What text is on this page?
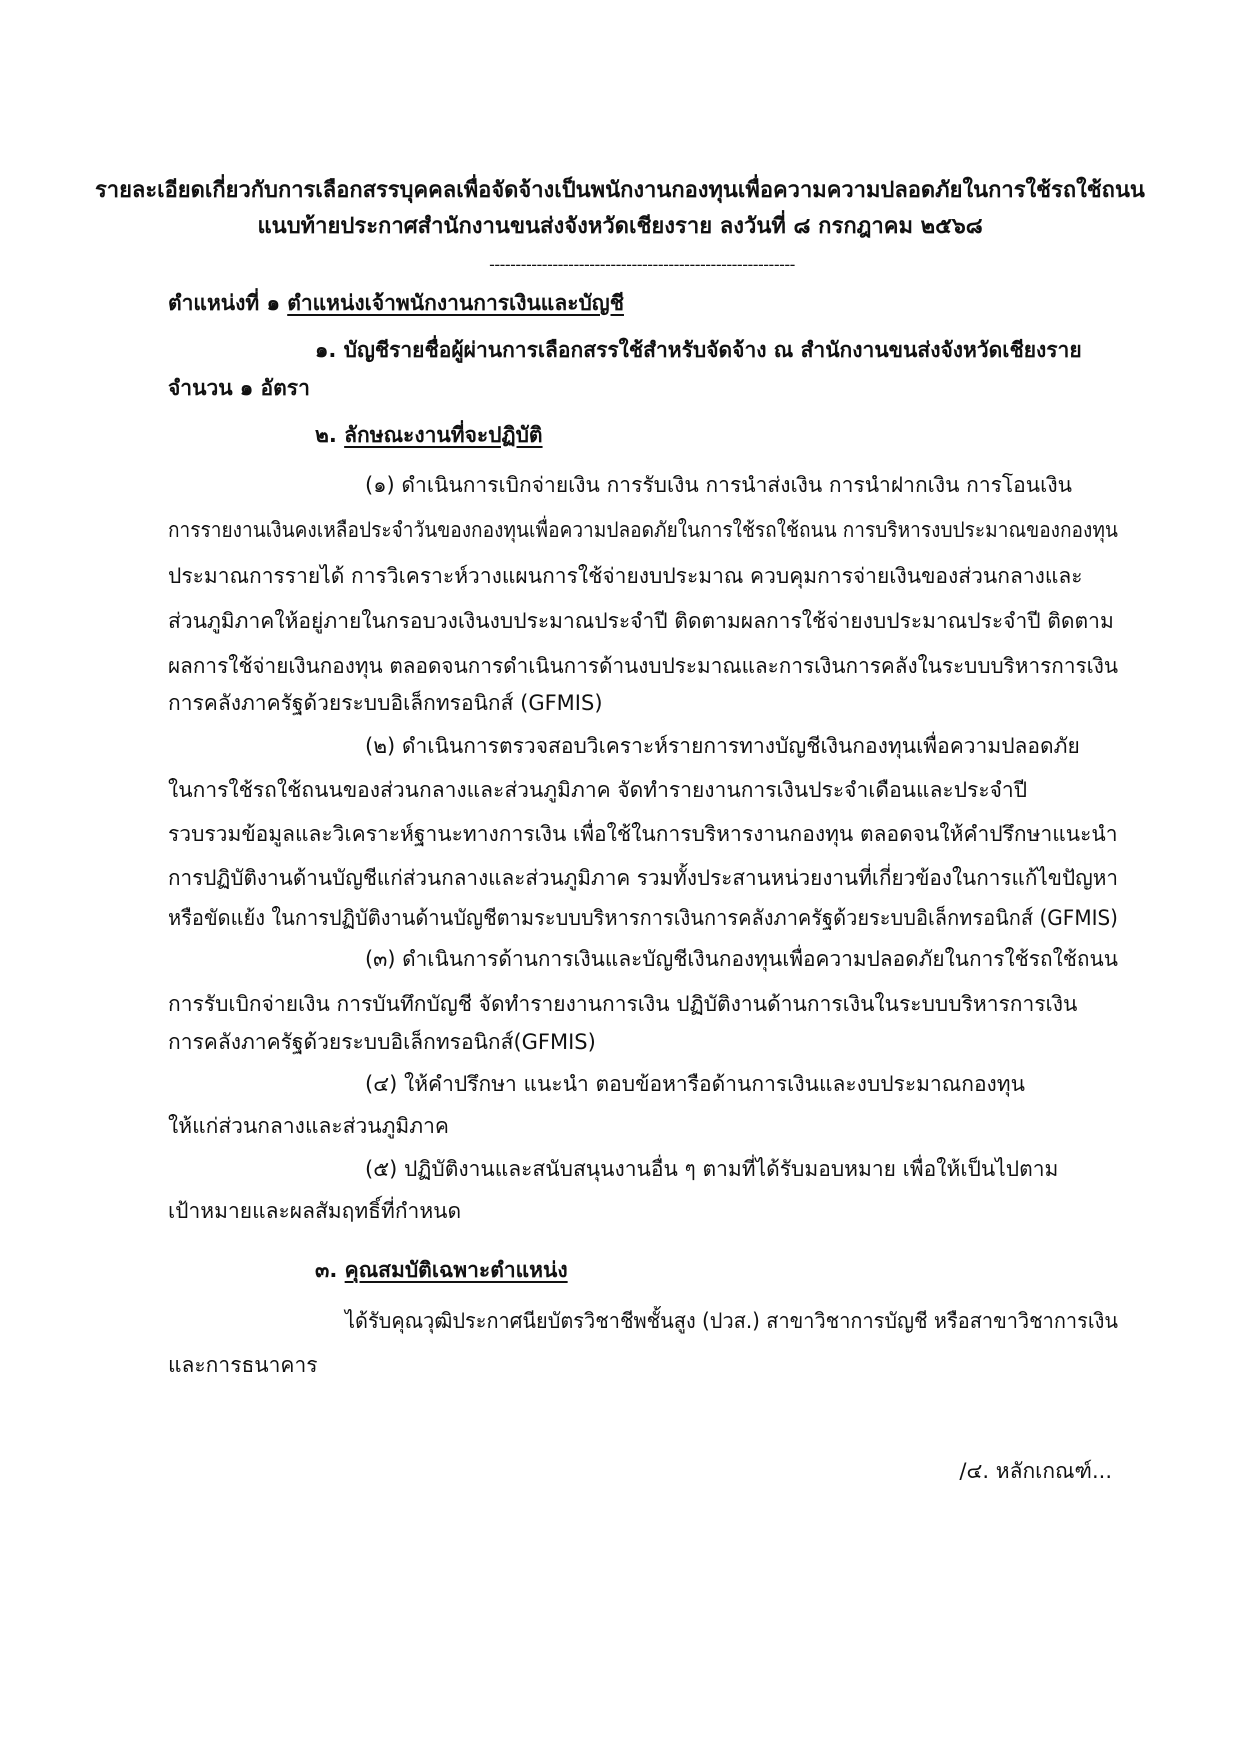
รายละเอียดเกี่ยวกับการเลือกสรรบุคคลเพื่อจัดจ้างเป็นพนักงานกองทุนเพื่อความความปลอดภัยในการใช้รถใช้ถนน
แนบท้ายประกาศสำนักงานขนส่งจังหวัดเชียงราย ลงวันที่ ๘ กรกฎาคม ๒๕๖๘
----------------------------------------------------------
ตำแหน่งที่ ๑ ตำแหน่งเจ้าพนักงานการเงินและบัญชี
๑. บัญชีรายชื่อผู้ผ่านการเลือกสรรใช้สำหรับจัดจ้าง ณ สำนักงานขนส่งจังหวัดเชียงราย
จำนวน ๑ อัตรา
๒. ลักษณะงานที่จะปฏิบัติ
(๑) ดำเนินการเบิกจ่ายเงิน การรับเงิน การนำส่งเงิน การนำฝากเงิน การโอนเงิน
การรายงานเงินคงเหลือประจำวันของกองทุนเพื่อความปลอดภัยในการใช้รถใช้ถนน การบริหารงบประมาณของกองทุน
ประมาณการรายได้ การวิเคราะห์วางแผนการใช้จ่ายงบประมาณ ควบคุมการจ่ายเงินของส่วนกลางและ
ส่วนภูมิภาคให้อยู่ภายในกรอบวงเงินงบประมาณประจำปี ติดตามผลการใช้จ่ายงบประมาณประจำปี ติดตาม
ผลการใช้จ่ายเงินกองทุน ตลอดจนการดำเนินการด้านงบประมาณและการเงินการคลังในระบบบริหารการเงิน
การคลังภาครัฐด้วยระบบอิเล็กทรอนิกส์ (GFMIS)
(๒) ดำเนินการตรวจสอบวิเคราะห์รายการทางบัญชีเงินกองทุนเพื่อความปลอดภัย
ในการใช้รถใช้ถนนของส่วนกลางและส่วนภูมิภาค จัดทำรายงานการเงินประจำเดือนและประจำปี
รวบรวมข้อมูลและวิเคราะห์ฐานะทางการเงิน เพื่อใช้ในการบริหารงานกองทุน ตลอดจนให้คำปรึกษาแนะนำ
การปฏิบัติงานด้านบัญชีแก่ส่วนกลางและส่วนภูมิภาค รวมทั้งประสานหน่วยงานที่เกี่ยวข้องในการแก้ไขปัญหา
หรือขัดแย้ง ในการปฏิบัติงานด้านบัญชีตามระบบบริหารการเงินการคลังภาครัฐด้วยระบบอิเล็กทรอนิกส์ (GFMIS)
(๓) ดำเนินการด้านการเงินและบัญชีเงินกองทุนเพื่อความปลอดภัยในการใช้รถใช้ถนน
การรับเบิกจ่ายเงิน การบันทึกบัญชี จัดทำรายงานการเงิน ปฏิบัติงานด้านการเงินในระบบบริหารการเงิน
การคลังภาครัฐด้วยระบบอิเล็กทรอนิกส์(GFMIS)
(๔) ให้คำปรึกษา แนะนำ ตอบข้อหารือด้านการเงินและงบประมาณกองทุน
ให้แก่ส่วนกลางและส่วนภูมิภาค
(๕) ปฏิบัติงานและสนับสนุนงานอื่น ๆ ตามที่ได้รับมอบหมาย เพื่อให้เป็นไปตาม
เป้าหมายและผลสัมฤทธิ์ที่กำหนด
๓. คุณสมบัติเฉพาะตำแหน่ง
ได้รับคุณวุฒิประกาศนียบัตรวิชาชีพชั้นสูง (ปวส.) สาขาวิชาการบัญชี หรือสาขาวิชาการเงิน
และการธนาคาร
/๔. หลักเกณฑ์...
